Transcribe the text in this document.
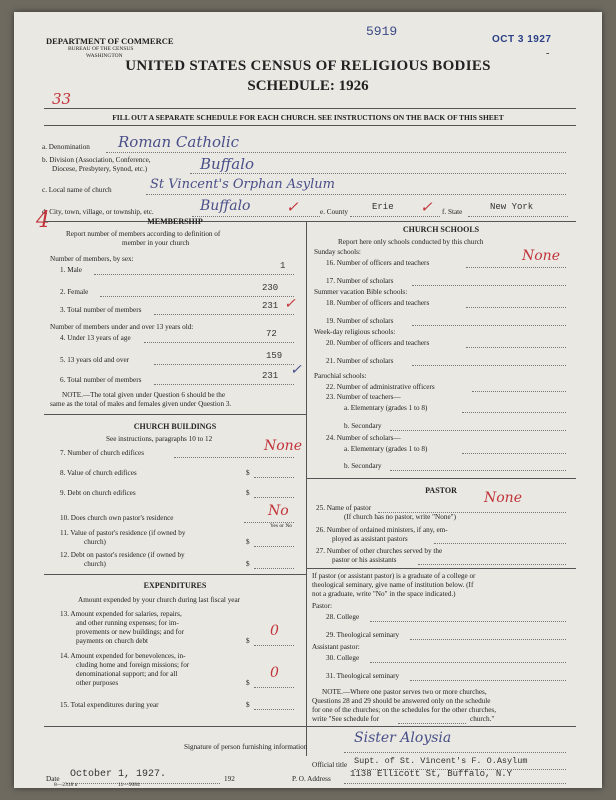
DEPARTMENT OF COMMERCE
BUREAU OF THE CENSUS
WASHINGTON
5919
OCT 3 1927
-
UNITED STATES CENSUS OF RELIGIOUS BODIES
SCHEDULE: 1926
33
FILL OUT A SEPARATE SCHEDULE FOR EACH CHURCH. SEE INSTRUCTIONS ON THE BACK OF THIS SHEET
a. Denomination Roman Catholic
b. Division (Association, Conference,
Diocese, Presbytery, Synod, etc.)	Buffalo
c. Local name of church	St Vincent's Orphan Asylum
d. City, town, village, or township, etc.	Buffalo ✓	e. County	Erie ✓ f. State	New York
4	MEMBERSHIP
Report number of members according to definition of
member in your church
Number of members, by sex:
1. Male	1
2. Female	230
3. Total number of members	231 ✓
Number of members under and over 13 years old:
4. Under 13 years of age	72
5. 13 years old and over	159
6. Total number of members	231 ✓
NOTE.—The total given under Question 6 should be the
same as the total of males and females given under Question 3.
CHURCH BUILDINGS
See instructions, paragraphs 10 to 12
7. Number of church edifices	None
8. Value of church edifices	$
9. Debt on church edifices	$
10. Does church own pastor's residence	No
Yes or No
11. Value of pastor's residence (if owned by
church)	$
12. Debt on pastor's residence (if owned by
church)	$
EXPENDITURES
Amount expended by your church during last fiscal year
13. Amount expended for salaries, repairs,
and other running expenses; for im-
provements or new buildings; and for
payments on church debt	$
0
14. Amount expended for benevolences, in-
cluding home and foreign missions; for
denominational support; and for all
other purposes	$
0
15. Total expenditures during year	$
CHURCH SCHOOLS
Report here only schools conducted by this church
Sunday schools:
16. Number of officers and teachers	None
17. Number of scholars
Summer vacation Bible schools:
18. Number of officers and teachers
19. Number of scholars
Week-day religious schools:
20. Number of officers and teachers
21. Number of scholars
Parochial schools:
22. Number of administrative officers
23. Number of teachers—
a. Elementary (grades 1 to 8)
b. Secondary
24. Number of scholars—
a. Elementary (grades 1 to 8)
b. Secondary
PASTOR
25. Name of pastor
None
(If church has no pastor, write "None")
26. Number of ordained ministers, if any, em-
ployed as assistant pastors
27. Number of other churches served by the
pastor or his assistants
If pastor (or assistant pastor) is a graduate of a college or
theological seminary, give name of institution below. (If
not a graduate, write "No" in the space indicated.)
Pastor:
28. College
29. Theological seminary
Assistant pastor:
30. College
31. Theological seminary
NOTE.—Where one pastor serves two or more churches,
Questions 28 and 29 should be answered only on the schedule
for one of the churches; on the schedules for the other churches,
write "See schedule for	church."
Signature of person furnishing information
Sister Aloysia
Official title Supt. of St. Vincent's F. O.Asylum
Date October 1, 1927.	192
8—2318 n	11—9084
P. O. Address 1138 Ellicott St, Buffalo, N.Y
